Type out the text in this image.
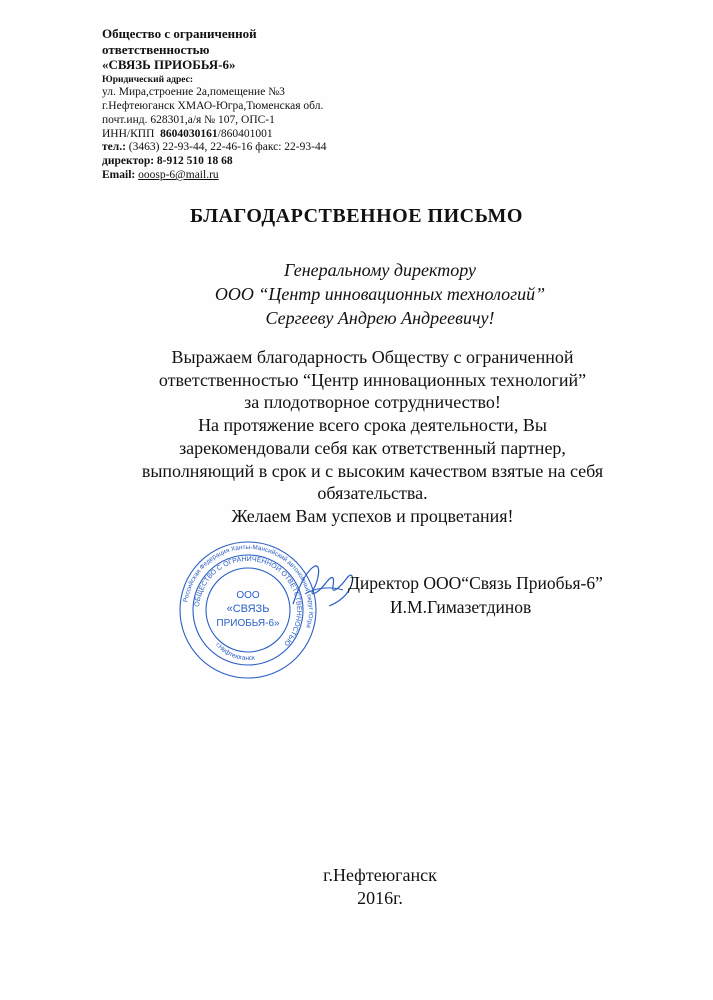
Общество с ограниченной

ответственностью

«СВЯЗЬ ПРИОБЬЯ-6»

Юридический адрес:

ул. Мира,строение 2а,помещение №3

г.Нефтеюганск ХМАО-Югра,Тюменская обл.

почт.инд. 628301,а/я № 107, ОПС-1

ИНН/КПП 8604030161/860401001

тел.: (3463) 22-93-44, 22-46-16 факс: 22-93-44

директор: 8-912 510 18 68

Email: ooosp-6@mail.ru

БЛАГОДАРСТВЕННОЕ ПИСЬМО

Генеральному директору

ООО “Центр инновационных технологий”

Сергееву Андрею Андреевичу!

Выражаем благодарность Обществу с ограниченной

ответственностью “Центр инновационных технологий”

за плодотворное сотрудничество!

На протяжение всего срока деятельности, Вы

зарекомендовали себя как ответственный партнер,

выполняющий в срок и с высоким качеством взятые на себя

обязательства.

Желаем Вам успехов и процветания!

Российская Федерация Ханты-Мансийский автономный округ Югра
ОБЩЕСТВО С ОГРАНИЧЕННОЙ ОТВЕТСТВЕННОСТЬЮ
г.Нефтеюганск
ООО
«СВЯЗЬ
ПРИОБЬЯ-6»

Директор ООО“Связь Приобья-6”

И.М.Гимазетдинов

г.Нефтеюганск

2016г.
